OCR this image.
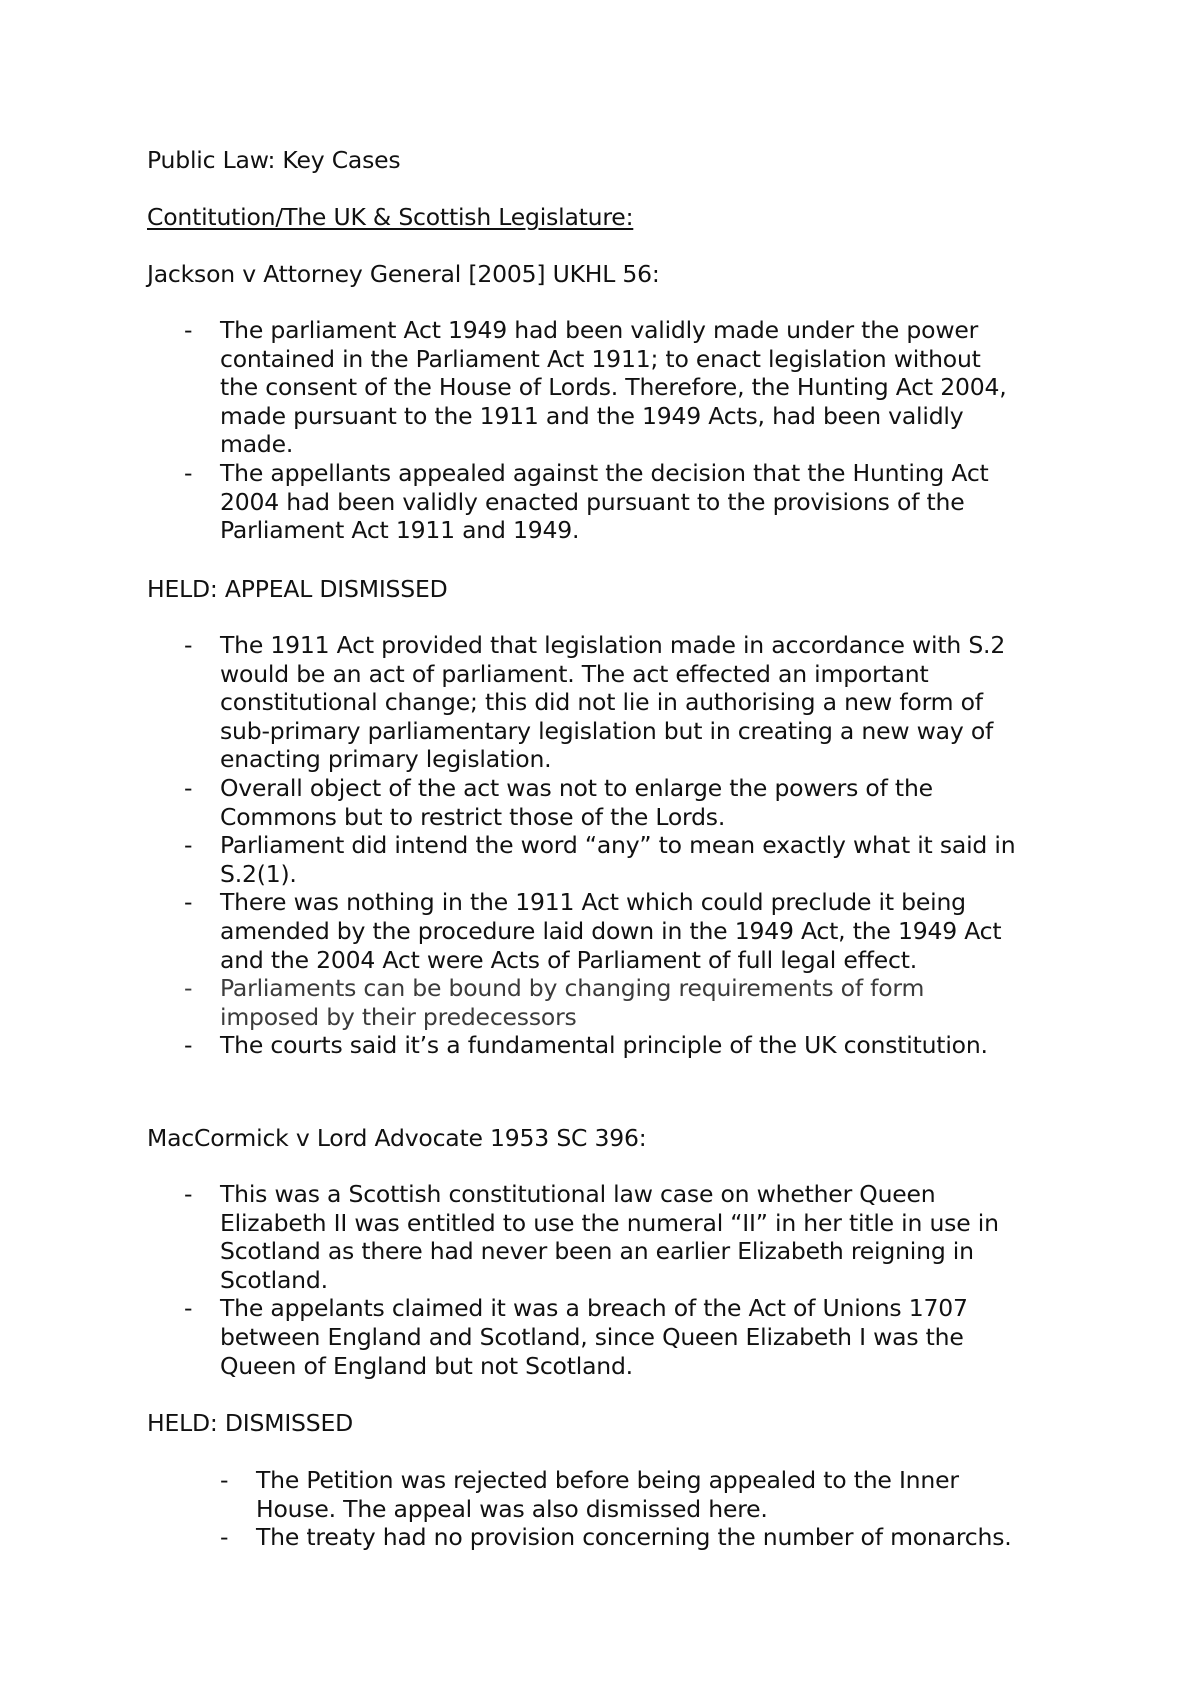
Public Law: Key Cases
Contitution/The UK & Scottish Legislature:
Jackson v Attorney General [2005] UKHL 56:
- The parliament Act 1949 had been validly made under the power
contained in the Parliament Act 1911; to enact legislation without
the consent of the House of Lords. Therefore, the Hunting Act 2004,
made pursuant to the 1911 and the 1949 Acts, had been validly
made.
- The appellants appealed against the decision that the Hunting Act
2004 had been validly enacted pursuant to the provisions of the
Parliament Act 1911 and 1949.
HELD: APPEAL DISMISSED
- The 1911 Act provided that legislation made in accordance with S.2
would be an act of parliament. The act effected an important
constitutional change; this did not lie in authorising a new form of
sub-primary parliamentary legislation but in creating a new way of
enacting primary legislation.
- Overall object of the act was not to enlarge the powers of the
Commons but to restrict those of the Lords.
- Parliament did intend the word “any” to mean exactly what it said in
S.2(1).
- There was nothing in the 1911 Act which could preclude it being
amended by the procedure laid down in the 1949 Act, the 1949 Act
and the 2004 Act were Acts of Parliament of full legal effect.
- Parliaments can be bound by changing requirements of form
imposed by their predecessors
- The courts said it’s a fundamental principle of the UK constitution.
MacCormick v Lord Advocate 1953 SC 396:
- This was a Scottish constitutional law case on whether Queen
Elizabeth II was entitled to use the numeral “II” in her title in use in
Scotland as there had never been an earlier Elizabeth reigning in
Scotland.
- The appelants claimed it was a breach of the Act of Unions 1707
between England and Scotland, since Queen Elizabeth I was the
Queen of England but not Scotland.
HELD: DISMISSED
- The Petition was rejected before being appealed to the Inner
House. The appeal was also dismissed here.
- The treaty had no provision concerning the number of monarchs.
